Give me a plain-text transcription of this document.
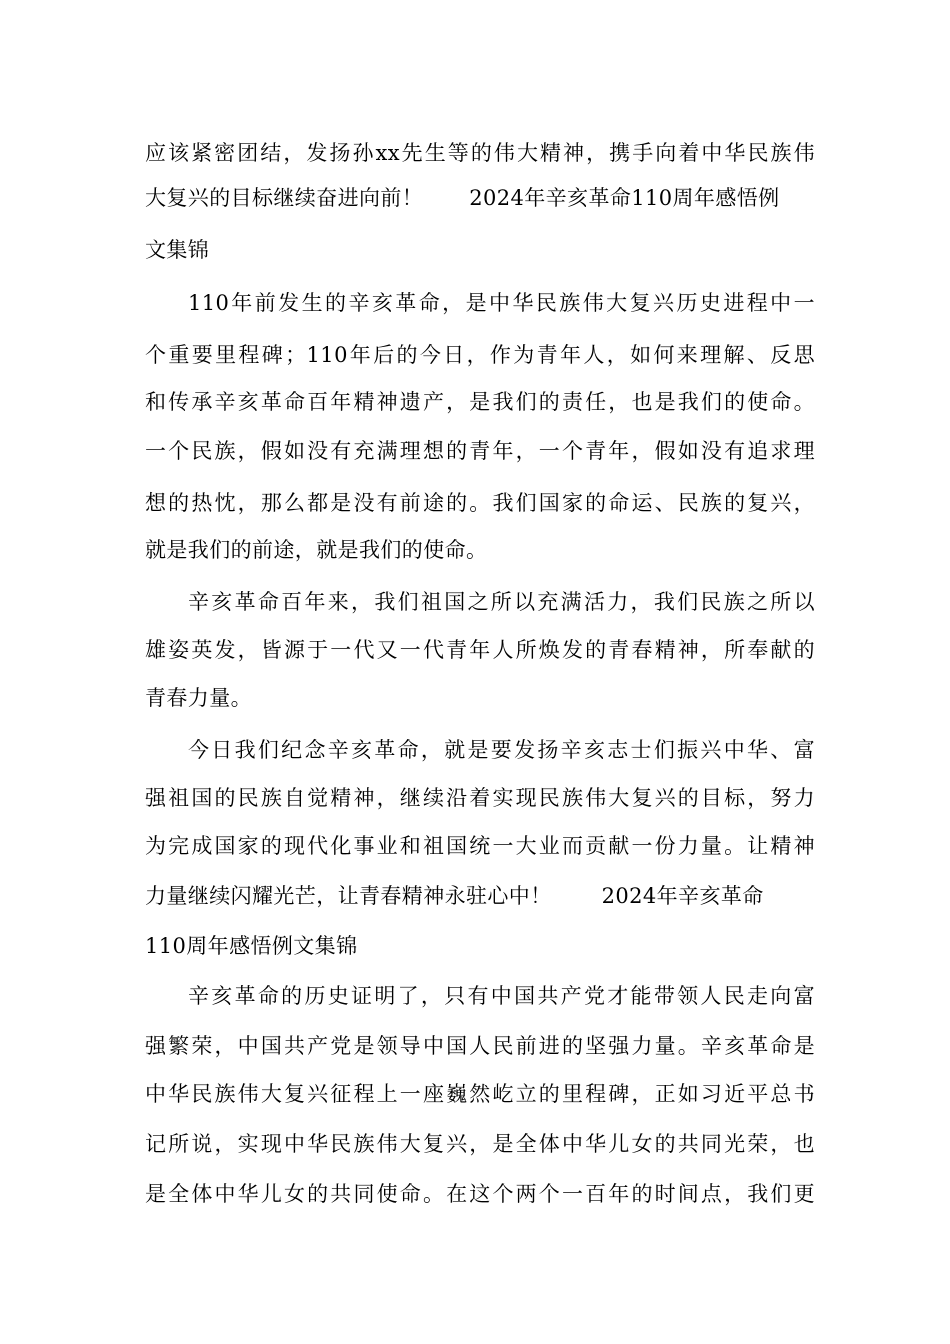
应该紧密团结，发扬孙xx先生等的伟大精神，携手向着中华民族伟
大复兴的目标继续奋进向前！ 2024年辛亥革命110周年感悟例
文集锦
110年前发生的辛亥革命，是中华民族伟大复兴历史进程中一
个重要里程碑；110年后的今日，作为青年人，如何来理解、反思
和传承辛亥革命百年精神遗产，是我们的责任，也是我们的使命。
一个民族，假如没有充满理想的青年，一个青年，假如没有追求理
想的热忱，那么都是没有前途的。我们国家的命运、民族的复兴，
就是我们的前途，就是我们的使命。
辛亥革命百年来，我们祖国之所以充满活力，我们民族之所以
雄姿英发，皆源于一代又一代青年人所焕发的青春精神，所奉献的
青春力量。
今日我们纪念辛亥革命，就是要发扬辛亥志士们振兴中华、富
强祖国的民族自觉精神，继续沿着实现民族伟大复兴的目标，努力
为完成国家的现代化事业和祖国统一大业而贡献一份力量。让精神
力量继续闪耀光芒，让青春精神永驻心中！ 2024年辛亥革命
110周年感悟例文集锦
辛亥革命的历史证明了，只有中国共产党才能带领人民走向富
强繁荣，中国共产党是领导中国人民前进的坚强力量。辛亥革命是
中华民族伟大复兴征程上一座巍然屹立的里程碑，正如习近平总书
记所说，实现中华民族伟大复兴，是全体中华儿女的共同光荣，也
是全体中华儿女的共同使命。在这个两个一百年的时间点，我们更
